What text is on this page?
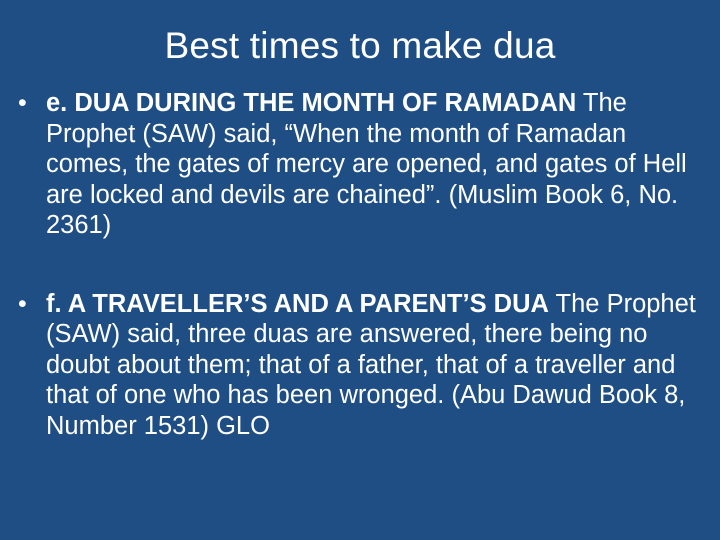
Best times to make dua
• e. DUA DURING THE MONTH OF RAMADAN The Prophet (SAW) said, “When the month of Ramadan comes, the gates of mercy are opened, and gates of Hell are locked and devils are chained”. (Muslim Book 6, No. 2361)
• f. A TRAVELLER’S AND A PARENT’S DUA The Prophet (SAW) said, three duas are answered, there being no doubt about them; that of a father, that of a traveller and that of one who has been wronged. (Abu Dawud Book 8, Number 1531) GLO
